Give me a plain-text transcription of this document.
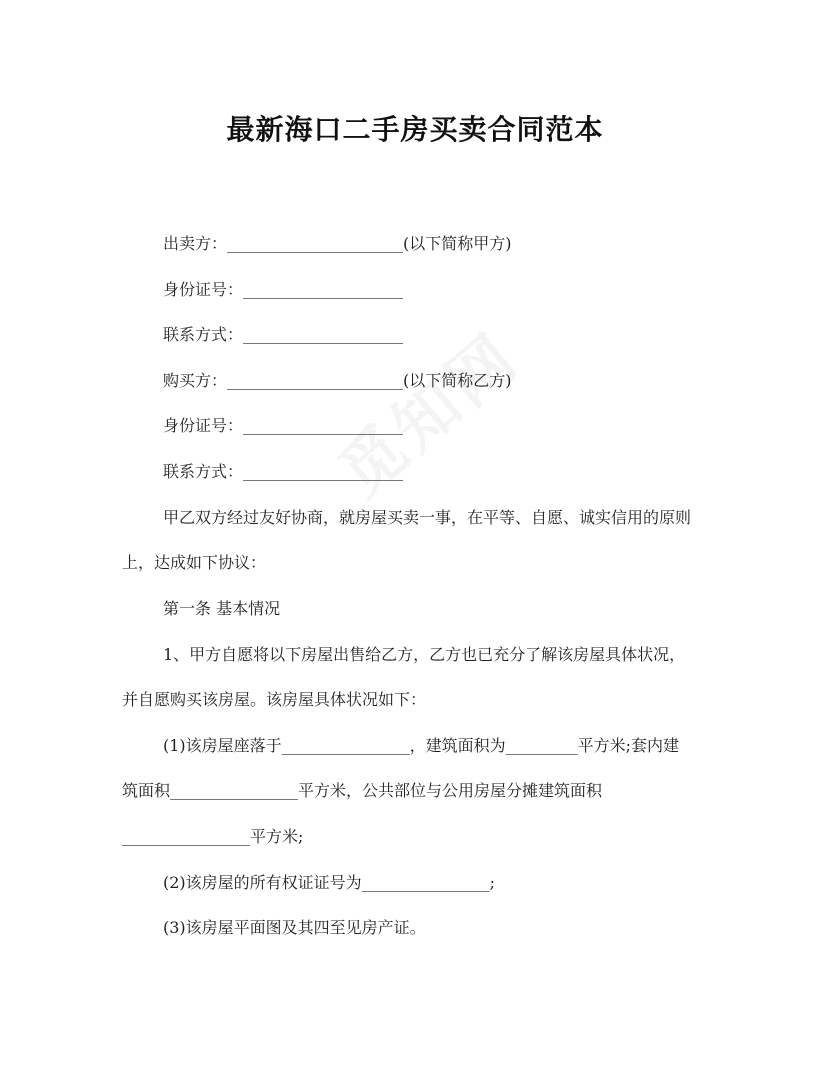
最新海口二手房买卖合同范本
出卖方：______________________(以下简称甲方)
身份证号：____________________
联系方式：____________________
购买方：______________________(以下简称乙方)
身份证号：____________________
联系方式：____________________
甲乙双方经过友好协商，就房屋买卖一事，在平等、自愿、诚实信用的原则
上，达成如下协议：
第一条 基本情况
1、甲方自愿将以下房屋出售给乙方，乙方也已充分了解该房屋具体状况，
并自愿购买该房屋。该房屋具体状况如下：
(1)该房屋座落于________________，建筑面积为_________平方米;套内建
筑面积________________平方米，公共部位与公用房屋分摊建筑面积
________________平方米;
(2)该房屋的所有权证证号为________________;
(3)该房屋平面图及其四至见房产证。
